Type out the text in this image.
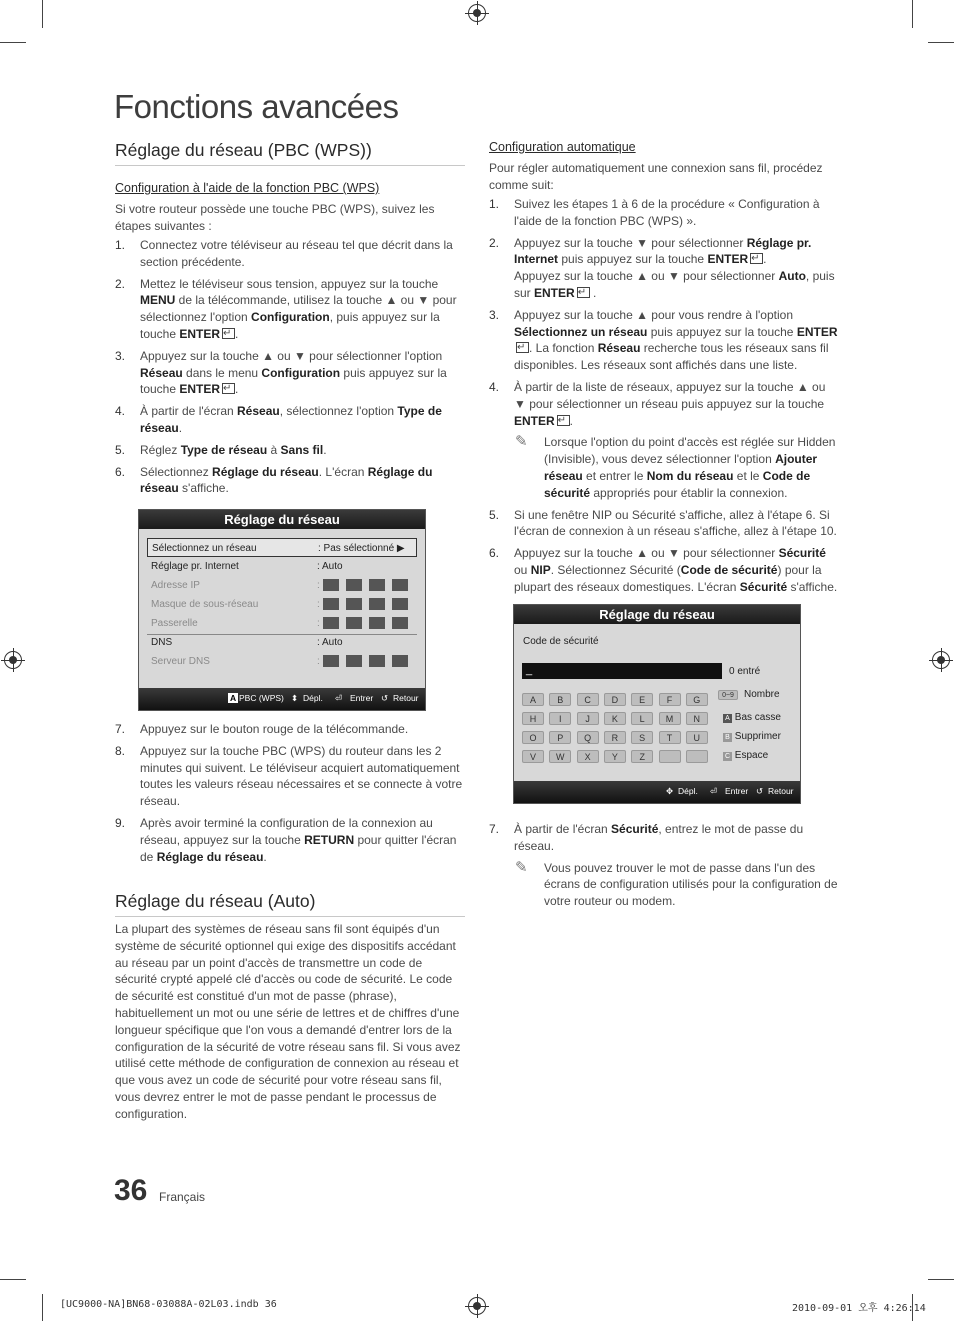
Fonctions avancées
Réglage du réseau (PBC (WPS))
Configuration à l'aide de la fonction PBC (WPS)
Si votre routeur possède une touche PBC (WPS), suivez les étapes suivantes :
1. Connectez votre téléviseur au réseau tel que décrit dans la section précédente.
2. Mettez le téléviseur sous tension, appuyez sur la touche MENU de la télécommande, utilisez la touche ▲ ou ▼ pour sélectionnez l'option Configuration, puis appuyez sur la touche ENTER ↵ .
3. Appuyez sur la touche ▲ ou ▼ pour sélectionner l'option Réseau dans le menu Configuration puis appuyez sur la touche ENTER ↵ .
4. À partir de l'écran Réseau, sélectionnez l'option Type de réseau.
5. Réglez Type de réseau à Sans fil.
6. Sélectionnez Réglage du réseau. L'écran Réglage du réseau s'affiche.
Réglage du réseau
Sélectionnez un réseau	: Pas sélectionné ▶
Réglage pr. Internet	: Auto
Adresse IP	:
Masque de sous-réseau	:
Passerelle	:
DNS	: Auto
Serveur DNS	:
A PBC (WPS) ⬍ Dépl. ⏎ Entrer ↺ Retour
7. Appuyez sur le bouton rouge de la télécommande.
8. Appuyez sur la touche PBC (WPS) du routeur dans les 2 minutes qui suivent. Le téléviseur acquiert automatiquement toutes les valeurs réseau nécessaires et se connecte à votre réseau.
9. Après avoir terminé la configuration de la connexion au réseau, appuyez sur la touche RETURN pour quitter l'écran de Réglage du réseau.
Réglage du réseau (Auto)
La plupart des systèmes de réseau sans fil sont équipés d'un système de sécurité optionnel qui exige des dispositifs accédant au réseau par un point d'accès de transmettre un code de sécurité crypté appelé clé d'accès ou code de sécurité. Le code de sécurité est constitué d'un mot de passe (phrase), habituellement un mot ou une série de lettres et de chiffres d'une longueur spécifique que l'on vous a demandé d'entrer lors de la configuration de la sécurité de votre réseau sans fil. Si vous avez utilisé cette méthode de configuration de connexion au réseau et que vous avez un code de sécurité pour votre réseau sans fil, vous devrez entrer le mot de passe pendant le processus de configuration.
Configuration automatique
Pour régler automatiquement une connexion sans fil, procédez comme suit:
1. Suivez les étapes 1 à 6 de la procédure « Configuration à l'aide de la fonction PBC (WPS) ».
2. Appuyez sur la touche ▼ pour sélectionner Réglage pr. Internet puis appuyez sur la touche ENTER ↵ .
Appuyez sur la touche ▲ ou ▼ pour sélectionner Auto, puis sur ENTER↵ .
3. Appuyez sur la touche ▲ pour vous rendre à l'option Sélectionnez un réseau puis appuyez sur la touche ENTER↵. La fonction Réseau recherche tous les réseaux sans fil disponibles. Les réseaux sont affichés dans une liste.
4. À partir de la liste de réseaux, appuyez sur la touche ▲ ou ▼ pour sélectionner un réseau puis appuyez sur la touche ENTER ↵ .
✎ Lorsque l'option du point d'accès est réglée sur Hidden (Invisible), vous devez sélectionner l'option Ajouter réseau et entrer le Nom du réseau et le Code de sécurité appropriés pour établir la connexion.
5. Si une fenêtre NIP ou Sécurité s'affiche, allez à l'étape 6. Si l'écran de connexion à un réseau s'affiche, allez à l'étape 10.
6. Appuyez sur la touche ▲ ou ▼ pour sélectionner Sécurité ou NIP. Sélectionnez Sécurité (Code de sécurité) pour la plupart des réseaux domestiques. L'écran Sécurité s'affiche.
Réglage du réseau
Code de sécurité
_	0 entré
A	B	C	D	E	F	G
H	I	J	K	L	M	N
O	P	Q	R	S	T	U
V	W	X	Y	Z
0~9	Nombre
A Bas casse
B Supprimer
C Espace
✥ Dépl. ⏎ Entrer ↺ Retour
7. À partir de l'écran Sécurité, entrez le mot de passe du réseau.
✎ Vous pouvez trouver le mot de passe dans l'un des écrans de configuration utilisés pour la configuration de votre routeur ou modem.
36 Français
[UC9000-NA]BN68-03088A-02L03.indb 36	2010-09-01 오후 4:26:14
